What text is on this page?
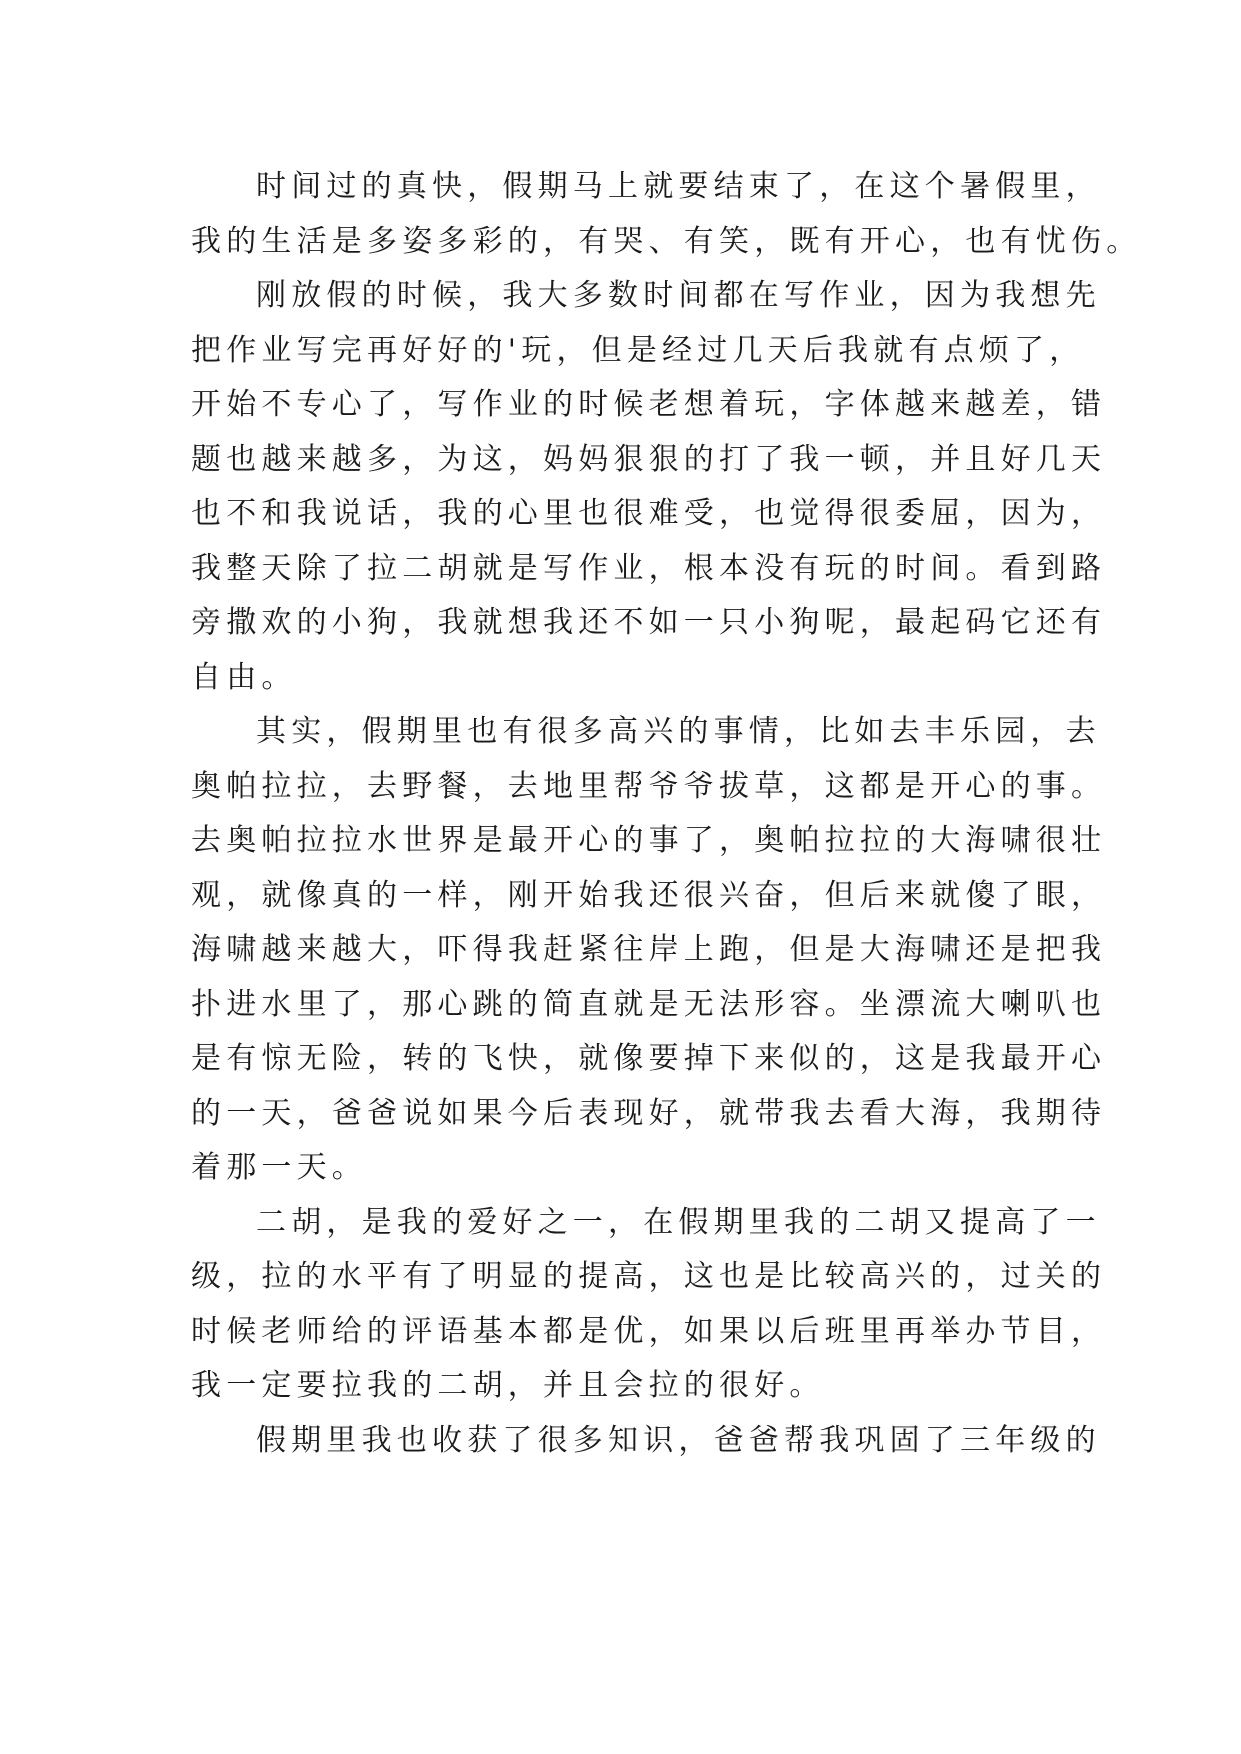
时间过的真快，假期马上就要结束了，在这个暑假里，
我的生活是多姿多彩的，有哭、有笑，既有开心，也有忧伤。
刚放假的时候，我大多数时间都在写作业，因为我想先
把作业写完再好好的'玩，但是经过几天后我就有点烦了，
开始不专心了，写作业的时候老想着玩，字体越来越差，错
题也越来越多，为这，妈妈狠狠的打了我一顿，并且好几天
也不和我说话，我的心里也很难受，也觉得很委屈，因为，
我整天除了拉二胡就是写作业，根本没有玩的时间。看到路
旁撒欢的小狗，我就想我还不如一只小狗呢，最起码它还有
自由。
其实，假期里也有很多高兴的事情，比如去丰乐园，去
奥帕拉拉，去野餐，去地里帮爷爷拔草，这都是开心的事。
去奥帕拉拉水世界是最开心的事了，奥帕拉拉的大海啸很壮
观，就像真的一样，刚开始我还很兴奋，但后来就傻了眼，
海啸越来越大，吓得我赶紧往岸上跑，但是大海啸还是把我
扑进水里了，那心跳的简直就是无法形容。坐漂流大喇叭也
是有惊无险，转的飞快，就像要掉下来似的，这是我最开心
的一天，爸爸说如果今后表现好，就带我去看大海，我期待
着那一天。
二胡，是我的爱好之一，在假期里我的二胡又提高了一
级，拉的水平有了明显的提高，这也是比较高兴的，过关的
时候老师给的评语基本都是优，如果以后班里再举办节目，
我一定要拉我的二胡，并且会拉的很好。
假期里我也收获了很多知识，爸爸帮我巩固了三年级的
